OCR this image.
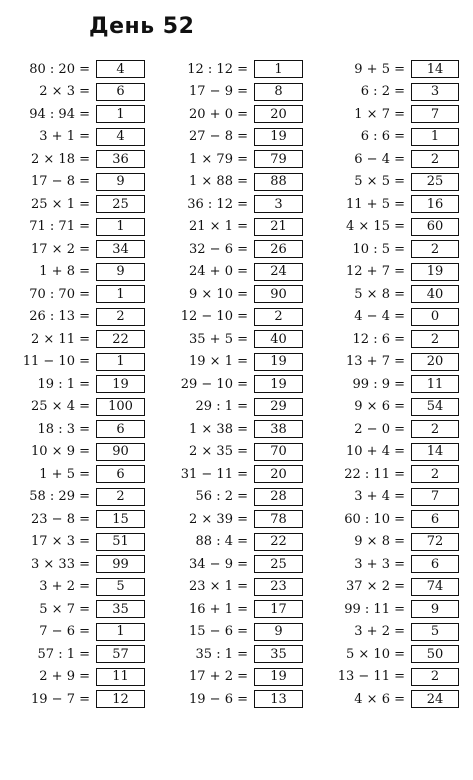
День 52
80 : 20 =	4
2 × 3 =	6
94 : 94 =	1
3 + 1 =	4
2 × 18 =	36
17 − 8 =	9
25 × 1 =	25
71 : 71 =	1
17 × 2 =	34
1 + 8 =	9
70 : 70 =	1
26 : 13 =	2
2 × 11 =	22
11 − 10 =	1
19 : 1 =	19
25 × 4 =	100
18 : 3 =	6
10 × 9 =	90
1 + 5 =	6
58 : 29 =	2
23 − 8 =	15
17 × 3 =	51
3 × 33 =	99
3 + 2 =	5
5 × 7 =	35
7 − 6 =	1
57 : 1 =	57
2 + 9 =	11
19 − 7 =	12
12 : 12 =	1
17 − 9 =	8
20 + 0 =	20
27 − 8 =	19
1 × 79 =	79
1 × 88 =	88
36 : 12 =	3
21 × 1 =	21
32 − 6 =	26
24 + 0 =	24
9 × 10 =	90
12 − 10 =	2
35 + 5 =	40
19 × 1 =	19
29 − 10 =	19
29 : 1 =	29
1 × 38 =	38
2 × 35 =	70
31 − 11 =	20
56 : 2 =	28
2 × 39 =	78
88 : 4 =	22
34 − 9 =	25
23 × 1 =	23
16 + 1 =	17
15 − 6 =	9
35 : 1 =	35
17 + 2 =	19
19 − 6 =	13
9 + 5 =	14
6 : 2 =	3
1 × 7 =	7
6 : 6 =	1
6 − 4 =	2
5 × 5 =	25
11 + 5 =	16
4 × 15 =	60
10 : 5 =	2
12 + 7 =	19
5 × 8 =	40
4 − 4 =	0
12 : 6 =	2
13 + 7 =	20
99 : 9 =	11
9 × 6 =	54
2 − 0 =	2
10 + 4 =	14
22 : 11 =	2
3 + 4 =	7
60 : 10 =	6
9 × 8 =	72
3 + 3 =	6
37 × 2 =	74
99 : 11 =	9
3 + 2 =	5
5 × 10 =	50
13 − 11 =	2
4 × 6 =	24
